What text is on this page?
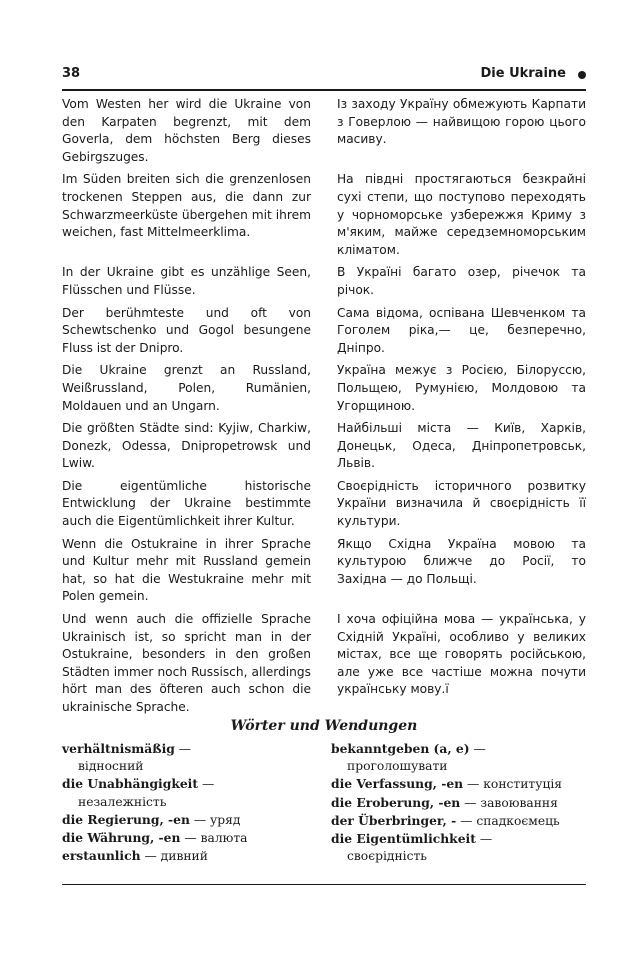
38	Die Ukraine
Vom Westen her wird die Ukraine von den Karpaten begrenzt, mit dem Goverla, dem höchsten Berg dieses Gebirgszuges.
Із заходу Україну обмежують Карпати з Говерлою — найвищою горою цього масиву.
Im Süden breiten sich die grenzenlosen trockenen Steppen aus, die dann zur Schwarzmeerküste übergehen mit ihrem weichen, fast Mittelmeerklima.
На півдні простягаються безкрайні сухі степи, що поступово переходять у чорноморське узбережжя Криму з м'яким, майже середземноморським кліматом.
In der Ukraine gibt es unzählige Seen, Flüsschen und Flüsse.
В Україні багато озер, річечок та річок.
Der berühmteste und oft von Schewtschenko und Gogol besungene Fluss ist der Dnipro.
Сама відома, оспівана Шевченком та Гоголем ріка,— це, безперечно, Дніпро.
Die Ukraine grenzt an Russland, Weißrussland, Polen, Rumänien, Moldauen und an Ungarn.
Україна межує з Росією, Білоруссю, Польщею, Румунією, Молдовою та Угорщиною.
Die größten Städte sind: Kyjiw, Charkiw, Donezk, Odessa, Dnipropetrowsk und Lwiw.
Найбільші міста — Київ, Харків, Донецьк, Одеса, Дніпропетровськ, Львів.
Die eigentümliche historische Entwicklung der Ukraine bestimmte auch die Eigentümlichkeit ihrer Kultur.
Своєрідність історичного розвитку України визначила й своєрідність її культури.
Wenn die Ostukraine in ihrer Sprache und Kultur mehr mit Russland gemein hat, so hat die Westukraine mehr mit Polen gemein.
Якщо Східна Україна мовою та культурою ближче до Росії, то Західна — до Польщі.
Und wenn auch die offizielle Sprache Ukrainisch ist, so spricht man in der Ostukraine, besonders in den großen Städten immer noch Russisch, allerdings hört man des öfteren auch schon die ukrainische Sprache.
І хоча офіційна мова — українська, у Східній Україні, особливо у великих містах, все ще говорять російською, але уже все частіше можна почути українську мову.ї
Wörter und Wendungen
verhältnismäßig —
відносний
die Unabhängigkeit —
незалежність
die Regierung, -en — уряд
die Währung, -en — валюта
erstaunlich — дивний
bekanntgeben (a, e) —
проголошувати
die Verfassung, -en — конституція
die Eroberung, -en — завоювання
der Überbringer, - — спадкоємець
die Eigentümlichkeit —
своєрідність
